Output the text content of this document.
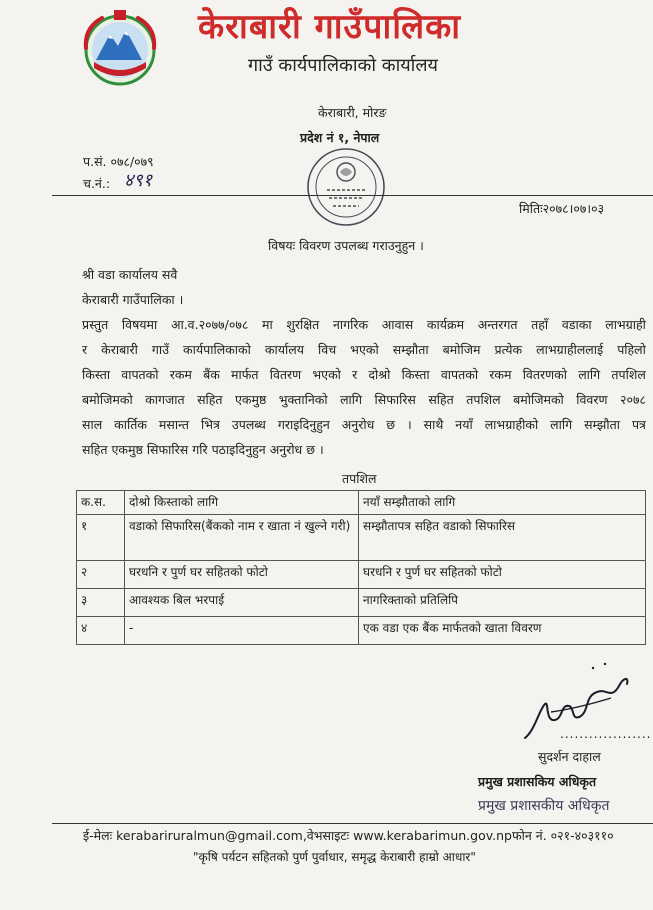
केराबारी गाउँपालिका
गाउँ कार्यपालिकाको कार्यालय
केराबारी, मोरङ
प्रदेश नं १, नेपाल
प.सं. ०७८/०७९
च.नं.: ४९१
मितिः२०७८।०७।०३
विषयः विवरण उपलब्ध गराउनुहुन ।
श्री वडा कार्यालय सवै
केराबारी गाउँपालिका ।
प्रस्तुत विषयमा आ.व.२०७७/०७८ मा शुरक्षित नागरिक आवास कार्यक्रम अन्तरगत तहाँ वडाका लाभग्राही
र केराबारी गाउँ कार्यपालिकाको कार्यालय विच भएको सम्झौता बमोजिम प्रत्येक लाभग्राहीललाई पहिलो
किस्ता वापतको रकम बैंक मार्फत वितरण भएको र दोश्रो किस्ता वापतको रकम वितरणको लागि तपशिल
बमोजिमको कागजात सहित एकमुष्ठ भुक्तानिको लागि सिफारिस सहित तपशिल बमोजिमको विवरण २०७८
साल कार्तिक मसान्त भित्र उपलब्ध गराइदिनुहुन अनुरोध छ । साथै नयाँ लाभग्राहीको लागि सम्झौता पत्र
सहित एकमुष्ठ सिफारिस गरि पठाइदिनुहुन अनुरोध छ ।
तपशिल
क.स.	दोश्रो किस्ताको लागि	नयाँ सम्झौताको लागि
१	वडाको सिफारिस(बैंकको नाम र खाता नं खुल्ने गरी)	सम्झौतापत्र सहित वडाको सिफारिस
२	घरधनि र पुर्ण घर सहितको फोटो	घरधनि र पुर्ण घर सहितको फोटो
३	आवश्यक बिल भरपाई	नागरिक्ताको प्रतिलिपि
४	-	एक वडा एक बैंक मार्फतको खाता विवरण
...................
सुदर्शन दाहाल
प्रमुख प्रशासकिय अधिकृत
प्रमुख प्रशासकीय अधिकृत
ई-मेलः kerabariruralmun@gmail.com,वेभसाइटः www.kerabarimun.gov.npफोन नं. ०२१-४०३११०
"कृषि पर्यटन सहितको पुर्ण पुर्वाधार, समृद्ध केराबारी हाम्रो आधार"
